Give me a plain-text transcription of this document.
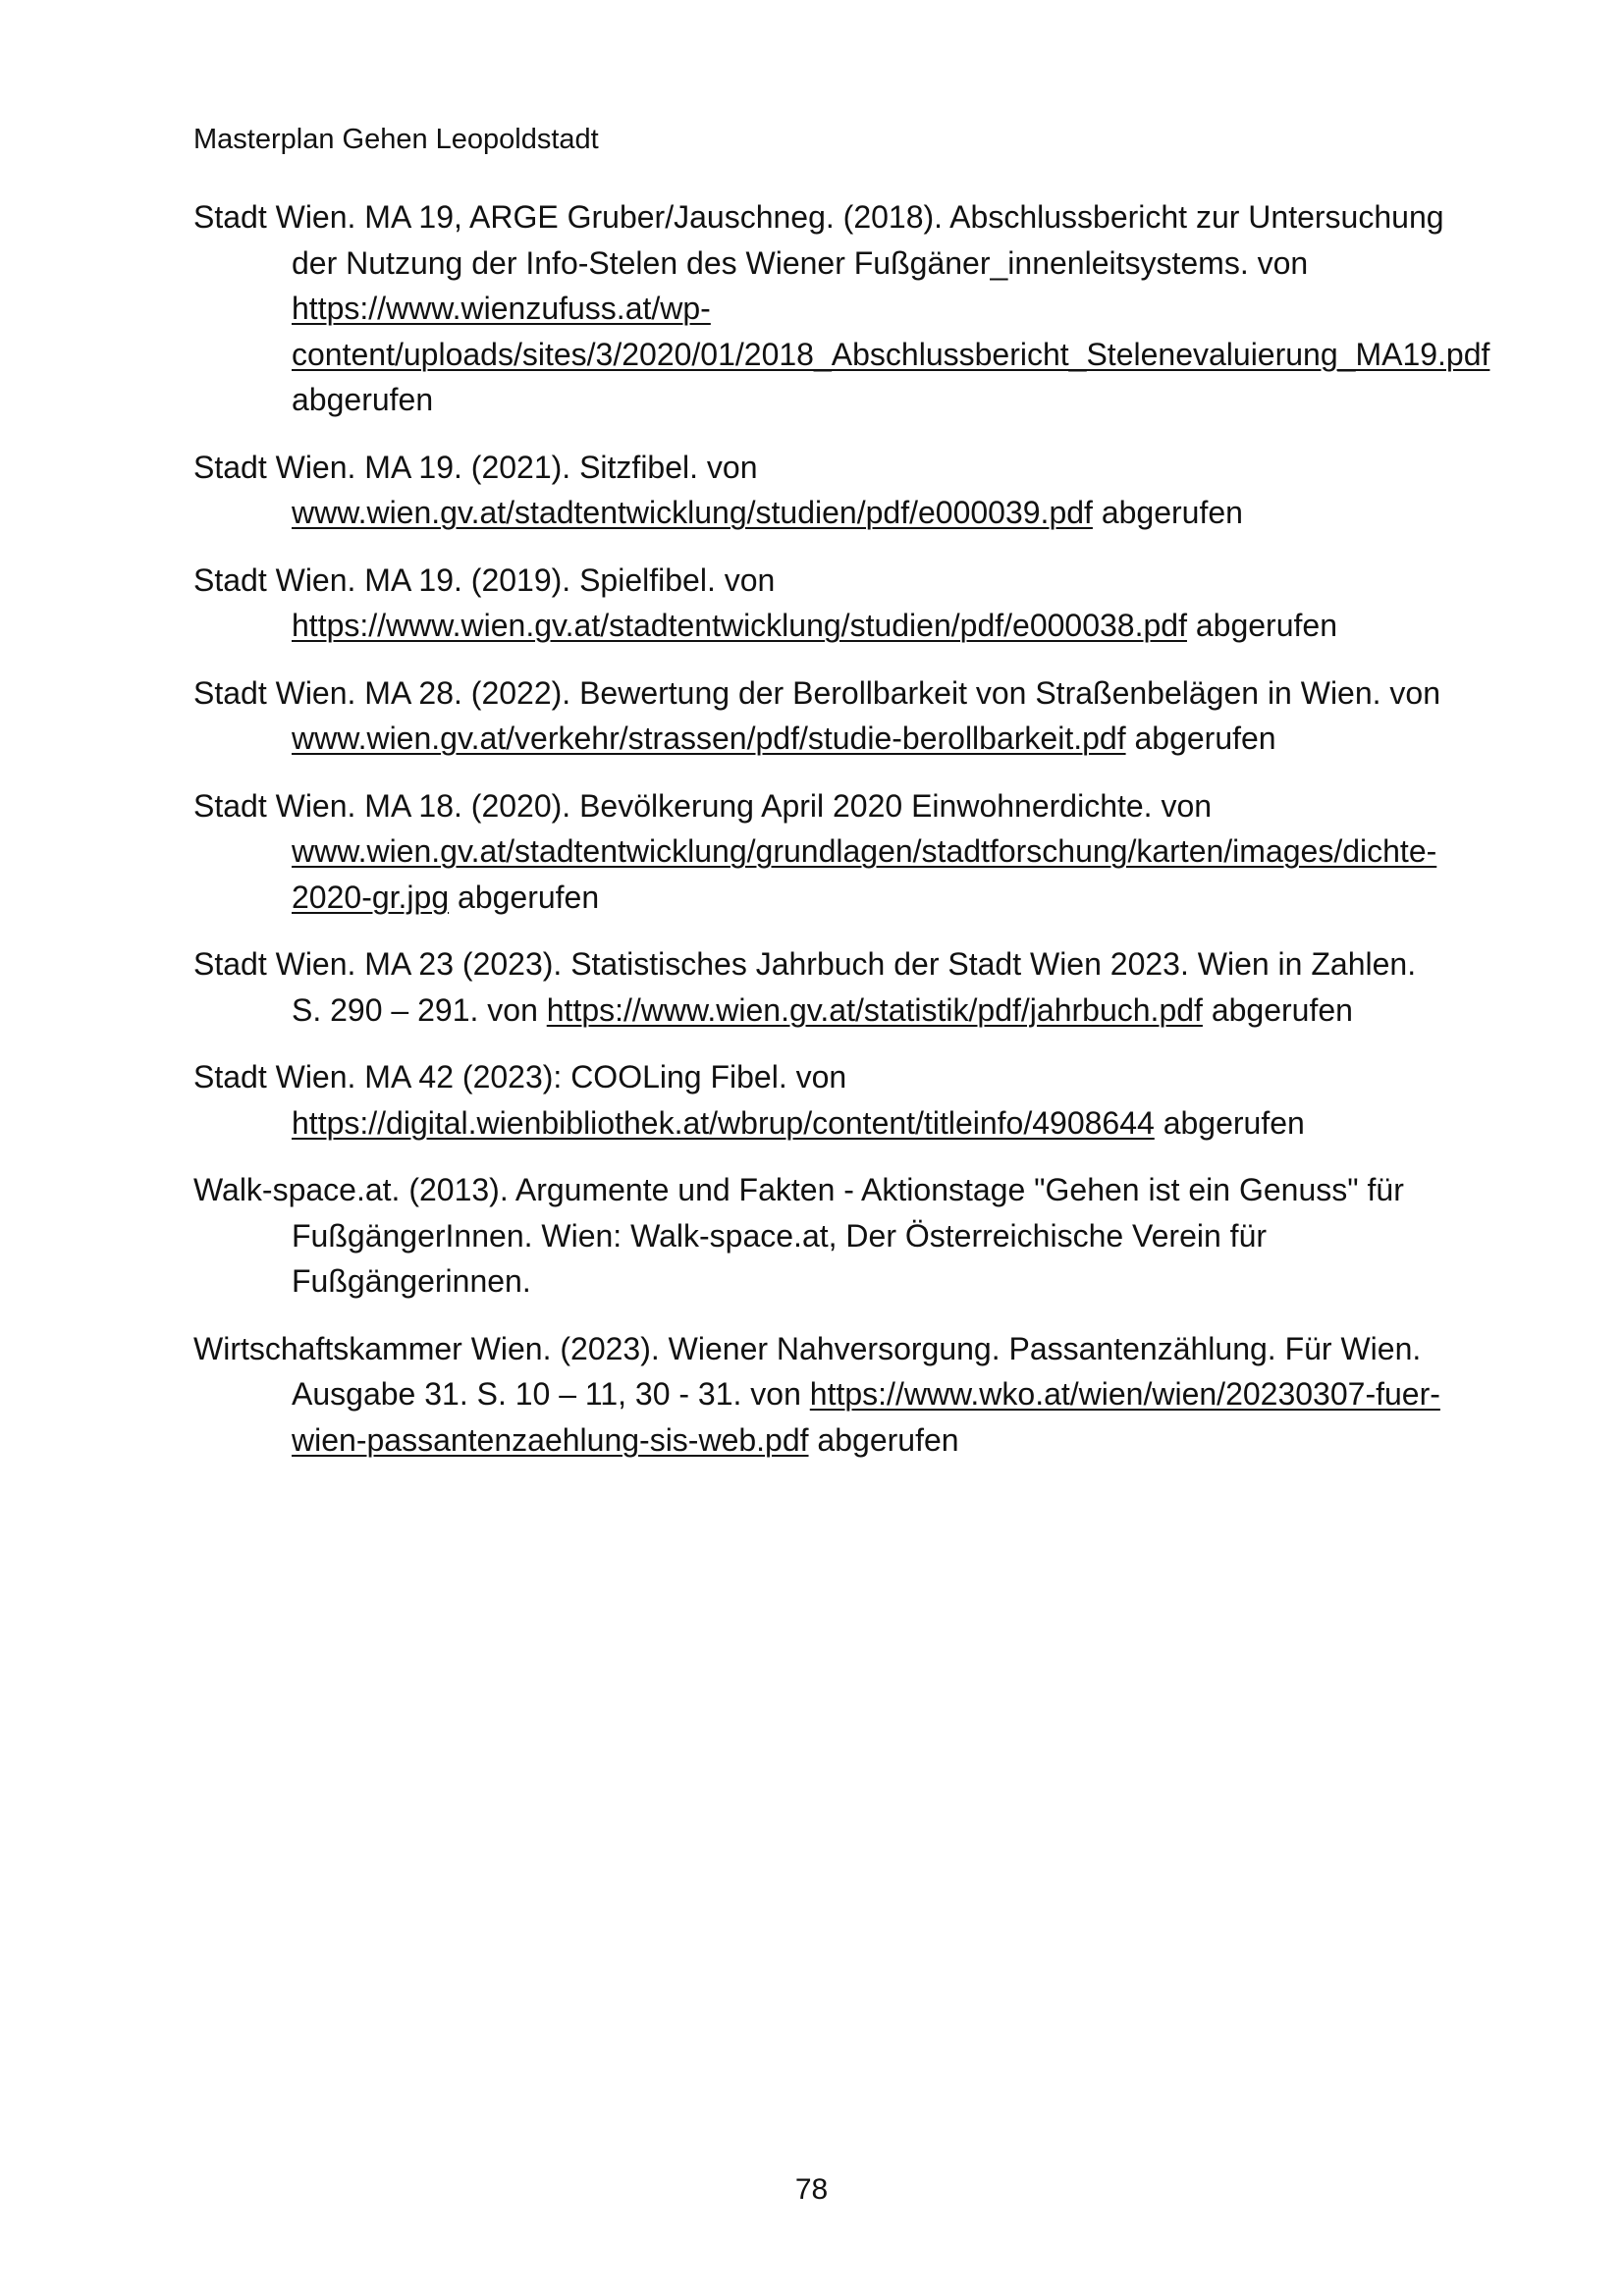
Masterplan Gehen Leopoldstadt

Stadt Wien. MA 19, ARGE Gruber/Jauschneg. (2018). Abschlussbericht zur Untersuchung der Nutzung der Info-Stelen des Wiener Fußgäner_innenleitsystems. von https://www.wienzufuss.at/wp-content/uploads/sites/3/2020/01/2018_Abschlussbericht_Stelenevaluierung_MA19.pdf abgerufen

Stadt Wien. MA 19. (2021). Sitzfibel. von www.wien.gv.at/stadtentwicklung/studien/pdf/e000039.pdf abgerufen

Stadt Wien. MA 19. (2019). Spielfibel. von https://www.wien.gv.at/stadtentwicklung/studien/pdf/e000038.pdf abgerufen

Stadt Wien. MA 28. (2022). Bewertung der Berollbarkeit von Straßenbelägen in Wien. von www.wien.gv.at/verkehr/strassen/pdf/studie-berollbarkeit.pdf abgerufen

Stadt Wien. MA 18. (2020). Bevölkerung April 2020 Einwohnerdichte. von www.wien.gv.at/stadtentwicklung/grundlagen/stadtforschung/karten/images/dichte-2020-gr.jpg abgerufen

Stadt Wien. MA 23 (2023). Statistisches Jahrbuch der Stadt Wien 2023. Wien in Zahlen. S. 290 – 291. von https://www.wien.gv.at/statistik/pdf/jahrbuch.pdf abgerufen

Stadt Wien. MA 42 (2023): COOLing Fibel. von https://digital.wienbibliothek.at/wbrup/content/titleinfo/4908644 abgerufen

Walk-space.at. (2013). Argumente und Fakten - Aktionstage "Gehen ist ein Genuss" für FußgängerInnen. Wien: Walk-space.at, Der Österreichische Verein für Fußgängerinnen.

Wirtschaftskammer Wien. (2023). Wiener Nahversorgung. Passantenzählung. Für Wien. Ausgabe 31. S. 10 – 11, 30 - 31. von https://www.wko.at/wien/wien/20230307-fuer-wien-passantenzaehlung-sis-web.pdf abgerufen

78
